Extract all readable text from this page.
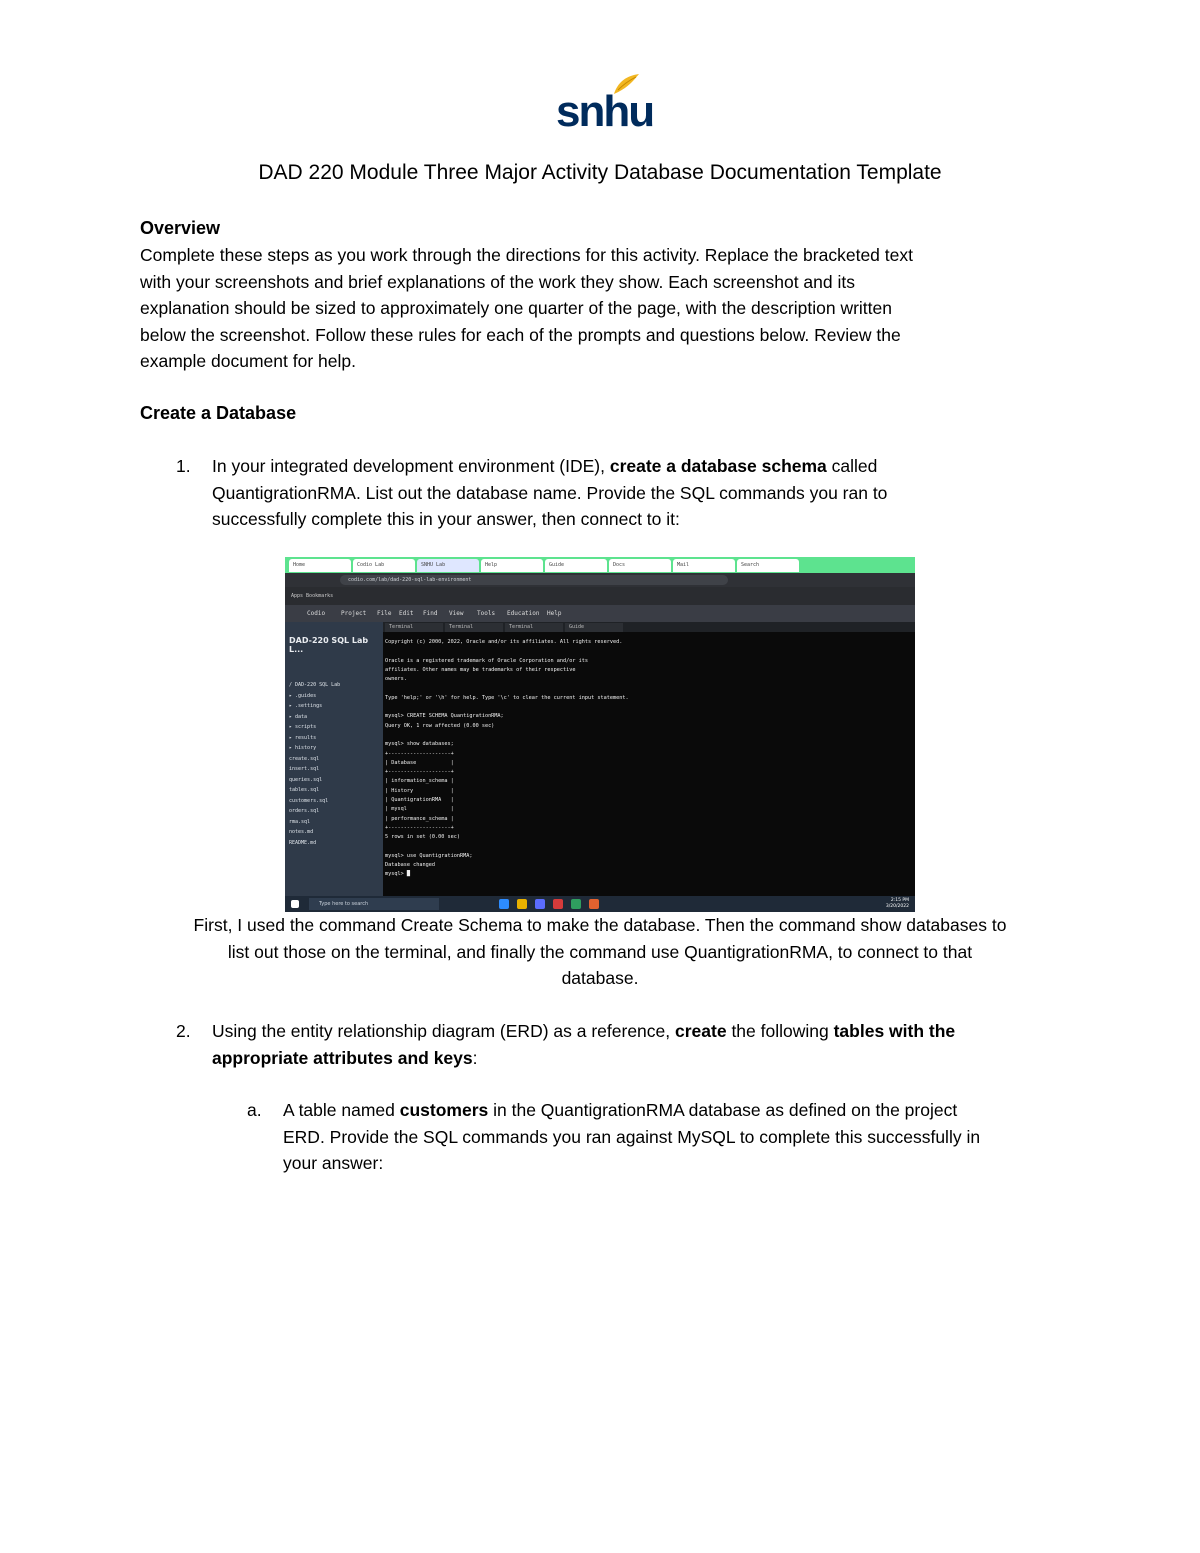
snhu
DAD 220 Module Three Major Activity Database Documentation Template
Overview
Complete these steps as you work through the directions for this activity. Replace the bracketed text
with your screenshots and brief explanations of the work they show. Each screenshot and its
explanation should be sized to approximately one quarter of the page, with the description written
below the screenshot. Follow these rules for each of the prompts and questions below. Review the
example document for help.
Create a Database
1. In your integrated development environment (IDE), create a database schema called
QuantigrationRMA. List out the database name. Provide the SQL commands you ran to
successfully complete this in your answer, then connect to it:
Home	Codio Lab	SNHU Lab	Help	Guide	Docs	Mail	Search
codio.com/lab/dad-220-sql-lab-environment
Apps Bookmarks
Codio	Project File Edit Find View Tools Education Help
DAD-220 SQL Lab L...
/ DAD-220 SQL Lab
▸ .guides
▸ .settings
▸ data
▸ scripts
▸ results
▸ history
create.sql
insert.sql
queries.sql
tables.sql
customers.sql
orders.sql
rma.sql
notes.md
README.md
Terminal	Terminal	Terminal	Guide
Copyright (c) 2000, 2022, Oracle and/or its affiliates. All rights reserved.
Oracle is a registered trademark of Oracle Corporation and/or its
affiliates. Other names may be trademarks of their respective
owners.
Type 'help;' or '\h' for help. Type '\c' to clear the current input statement.
mysql> CREATE SCHEMA QuantigrationRMA;
Query OK, 1 row affected (0.00 sec)
mysql> show databases;
+--------------------+
| Database           |
+--------------------+
| information_schema |
| History            |
| QuantigrationRMA   |
| mysql              |
| performance_schema |
+--------------------+
5 rows in set (0.00 sec)
mysql> use QuantigrationRMA;
Database changed
mysql> █
Type here to search
2:15 PM
3/20/2022
First, I used the command Create Schema to make the database. Then the command show databases to
list out those on the terminal, and finally the command use QuantigrationRMA, to connect to that
database.
2. Using the entity relationship diagram (ERD) as a reference, create the following tables with the
appropriate attributes and keys:
a. A table named customers in the QuantigrationRMA database as defined on the project
ERD. Provide the SQL commands you ran against MySQL to complete this successfully in
your answer:
